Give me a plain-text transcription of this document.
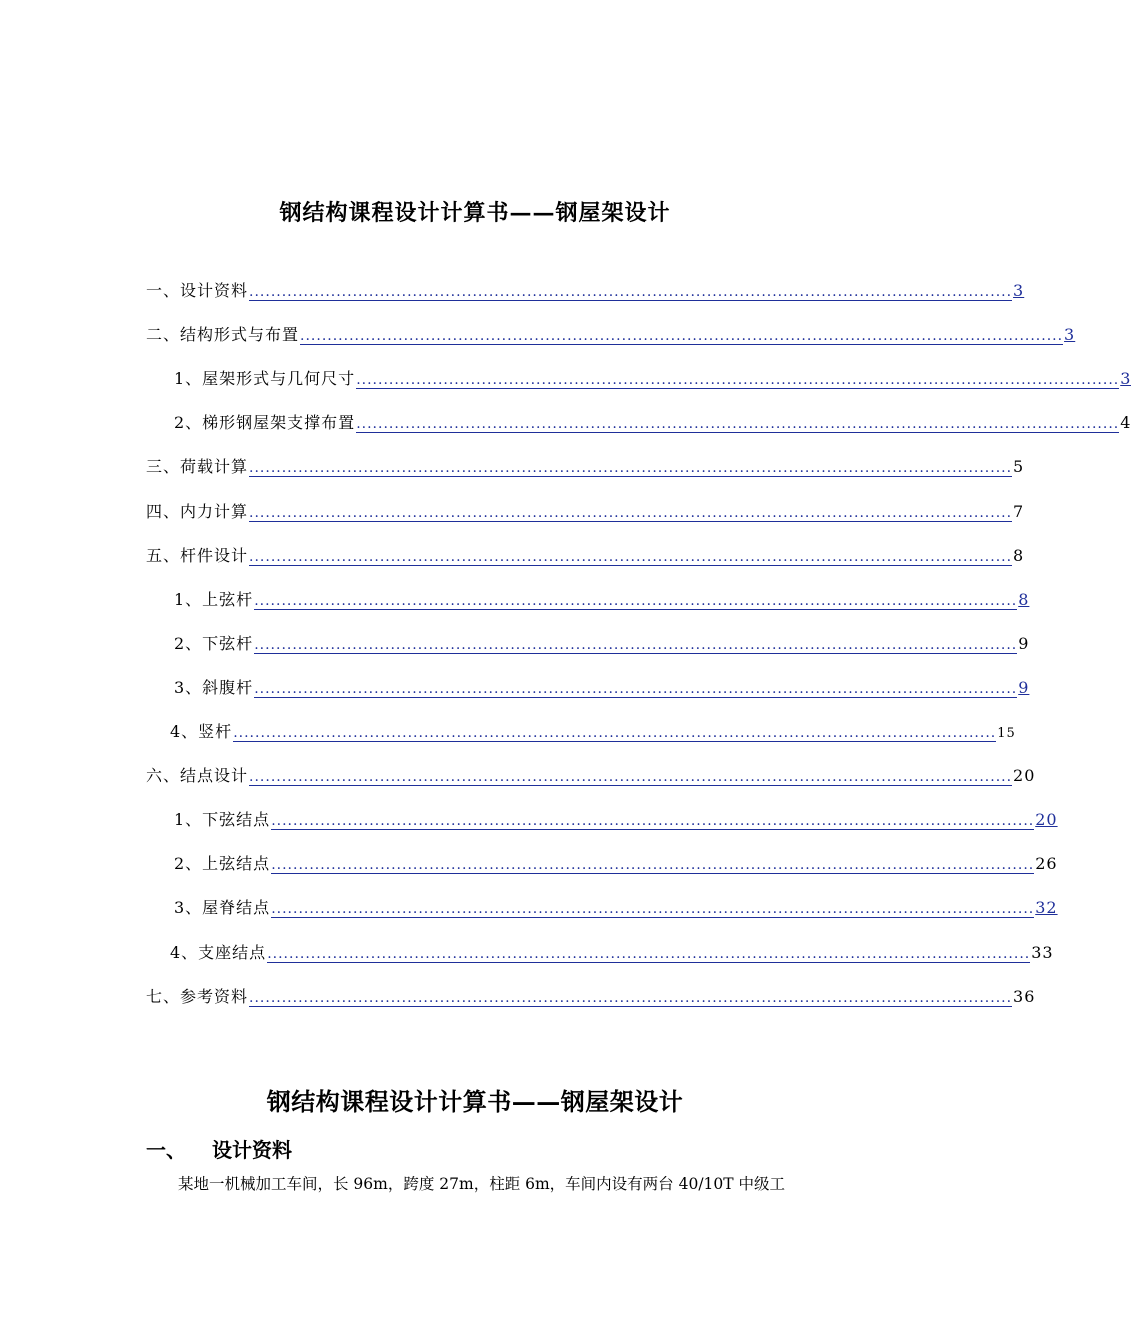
钢结构课程设计计算书——钢屋架设计
一、设计资料 ............................................................................................................................................ 3
二、结构形式与布置 ............................................................................................................................................ 3
1、屋架形式与几何尺寸 ............................................................................................................................................ 3
2、梯形钢屋架支撑布置 ............................................................................................................................................ 4
三、荷载计算 ............................................................................................................................................ 5
四、内力计算 ............................................................................................................................................ 7
五、杆件设计 ............................................................................................................................................ 8
1、上弦杆 ............................................................................................................................................ 8
2、下弦杆 ............................................................................................................................................ 9
3、斜腹杆 ............................................................................................................................................ 9
4、竖杆 ............................................................................................................................................ 15
六、结点设计 ............................................................................................................................................ 20
1、下弦结点 ............................................................................................................................................ 20
2、上弦结点 ............................................................................................................................................ 26
3、屋脊结点 ............................................................................................................................................ 32
4、支座结点 ............................................................................................................................................ 33
七、参考资料 ............................................................................................................................................ 36
钢结构课程设计计算书——钢屋架设计
一、 设计资料
某地一机械加工车间，长 96m，跨度 27m，柱距 6m，车间内设有两台 40/10T 中级工
